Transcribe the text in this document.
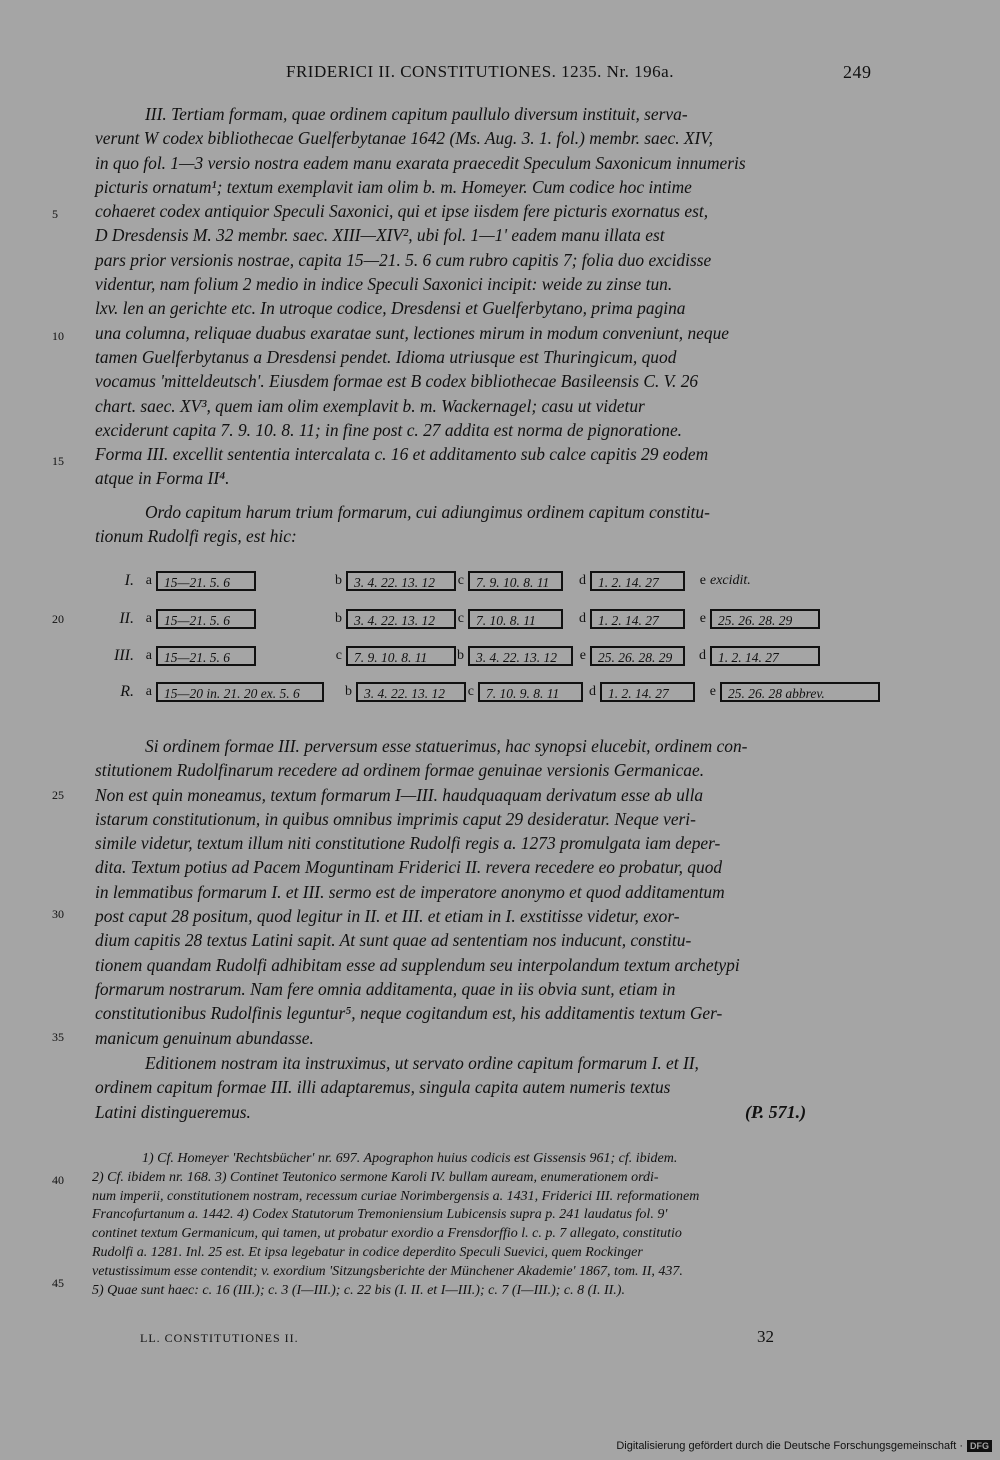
FRIDERICI II. CONSTITUTIONES. 1235. Nr. 196a.	249
III. Tertiam formam, quae ordinem capitum paullulo diversum instituit, serva-
verunt W codex bibliothecae Guelferbytanae 1642 (Ms. Aug. 3. 1. fol.) membr. saec. XIV,
in quo fol. 1—3 versio nostra eadem manu exarata praecedit Speculum Saxonicum innumeris
picturis ornatum¹; textum exemplavit iam olim b. m. Homeyer. Cum codice hoc intime
cohaeret codex antiquior Speculi Saxonici, qui et ipse iisdem fere picturis exornatus est,
D Dresdensis M. 32 membr. saec. XIII—XIV², ubi fol. 1—1' eadem manu illata est
pars prior versionis nostrae, capita 15—21. 5. 6 cum rubro capitis 7; folia duo excidisse
videntur, nam folium 2 medio in indice Speculi Saxonici incipit: weide zu zinse tun.
lxv. len an gerichte etc. In utroque codice, Dresdensi et Guelferbytano, prima pagina
una columna, reliquae duabus exaratae sunt, lectiones mirum in modum conveniunt, neque
tamen Guelferbytanus a Dresdensi pendet. Idioma utriusque est Thuringicum, quod
vocamus 'mitteldeutsch'. Eiusdem formae est B codex bibliothecae Basileensis C. V. 26
chart. saec. XV³, quem iam olim exemplavit b. m. Wackernagel; casu ut videtur
exciderunt capita 7. 9. 10. 8. 11; in fine post c. 27 addita est norma de pignoratione.
Forma III. excellit sententia intercalata c. 16 et additamento sub calce capitis 29 eodem
atque in Forma II⁴.
Ordo capitum harum trium formarum, cui adiungimus ordinem capitum constitu-
tionum Rudolfi regis, est hic:
I. a 15—21. 5. 6	b 3. 4. 22. 13. 12	c 7. 9. 10. 8. 11	d 1. 2. 14. 27	e excidit.
II. a 15—21. 5. 6	b 3. 4. 22. 13. 12	c 7. 10. 8. 11	d 1. 2. 14. 27	e 25. 26. 28. 29
III. a 15—21. 5. 6	c 7. 9. 10. 8. 11	b 3. 4. 22. 13. 12	e 25. 26. 28. 29	d 1. 2. 14. 27
R. a 15—20 in. 21. 20 ex. 5. 6	b 3. 4. 22. 13. 12	c 7. 10. 9. 8. 11	d 1. 2. 14. 27	e 25. 26. 28 abbrev.
Si ordinem formae III. perversum esse statuerimus, hac synopsi elucebit, ordinem con-
stitutionem Rudolfinarum recedere ad ordinem formae genuinae versionis Germanicae.
Non est quin moneamus, textum formarum I—III. haudquaquam derivatum esse ab ulla
istarum constitutionum, in quibus omnibus imprimis caput 29 desideratur. Neque veri-
simile videtur, textum illum niti constitutione Rudolfi regis a. 1273 promulgata iam deper-
dita. Textum potius ad Pacem Moguntinam Friderici II. revera recedere eo probatur, quod
in lemmatibus formarum I. et III. sermo est de imperatore anonymo et quod additamentum
post caput 28 positum, quod legitur in II. et III. et etiam in I. exstitisse videtur, exor-
dium capitis 28 textus Latini sapit. At sunt quae ad sententiam nos inducunt, constitu-
tionem quandam Rudolfi adhibitam esse ad supplendum seu interpolandum textum archetypi
formarum nostrarum. Nam fere omnia additamenta, quae in iis obvia sunt, etiam in
constitutionibus Rudolfinis leguntur⁵, neque cogitandum est, his additamentis textum Ger-
manicum genuinum abundasse.
Editionem nostram ita instruximus, ut servato ordine capitum formarum I. et II,
ordinem capitum formae III. illi adaptaremus, singula capita autem numeris textus
Latini distingueremus.	(P. 571.)
1) Cf. Homeyer 'Rechtsbücher' nr. 697. Apographon huius codicis est Gissensis 961; cf. ibidem.
2) Cf. ibidem nr. 168. 3) Continet Teutonico sermone Karoli IV. bullam auream, enumerationem ordi-
num imperii, constitutionem nostram, recessum curiae Norimbergensis a. 1431, Friderici III. reformationem
Francofurtanum a. 1442. 4) Codex Statutorum Tremoniensium Lubicensis supra p. 241 laudatus fol. 9'
continet textum Germanicum, qui tamen, ut probatur exordio a Frensdorffio l. c. p. 7 allegato, constitutio
Rudolfi a. 1281. Inl. 25 est. Et ipsa legebatur in codice deperdito Speculi Suevici, quem Rockinger
vetustissimum esse contendit; v. exordium 'Sitzungsberichte der Münchener Akademie' 1867, tom. II, 437.
5) Quae sunt haec: c. 16 (III.); c. 3 (I—III.); c. 22 bis (I. II. et I—III.); c. 7 (I—III.); c. 8 (I. II.).
5
10
15
20
25
30
35
40
45
LL. CONSTITUTIONES II.	32
Digitalisierung gefördert durch die Deutsche Forschungsgemeinschaft · DFG
